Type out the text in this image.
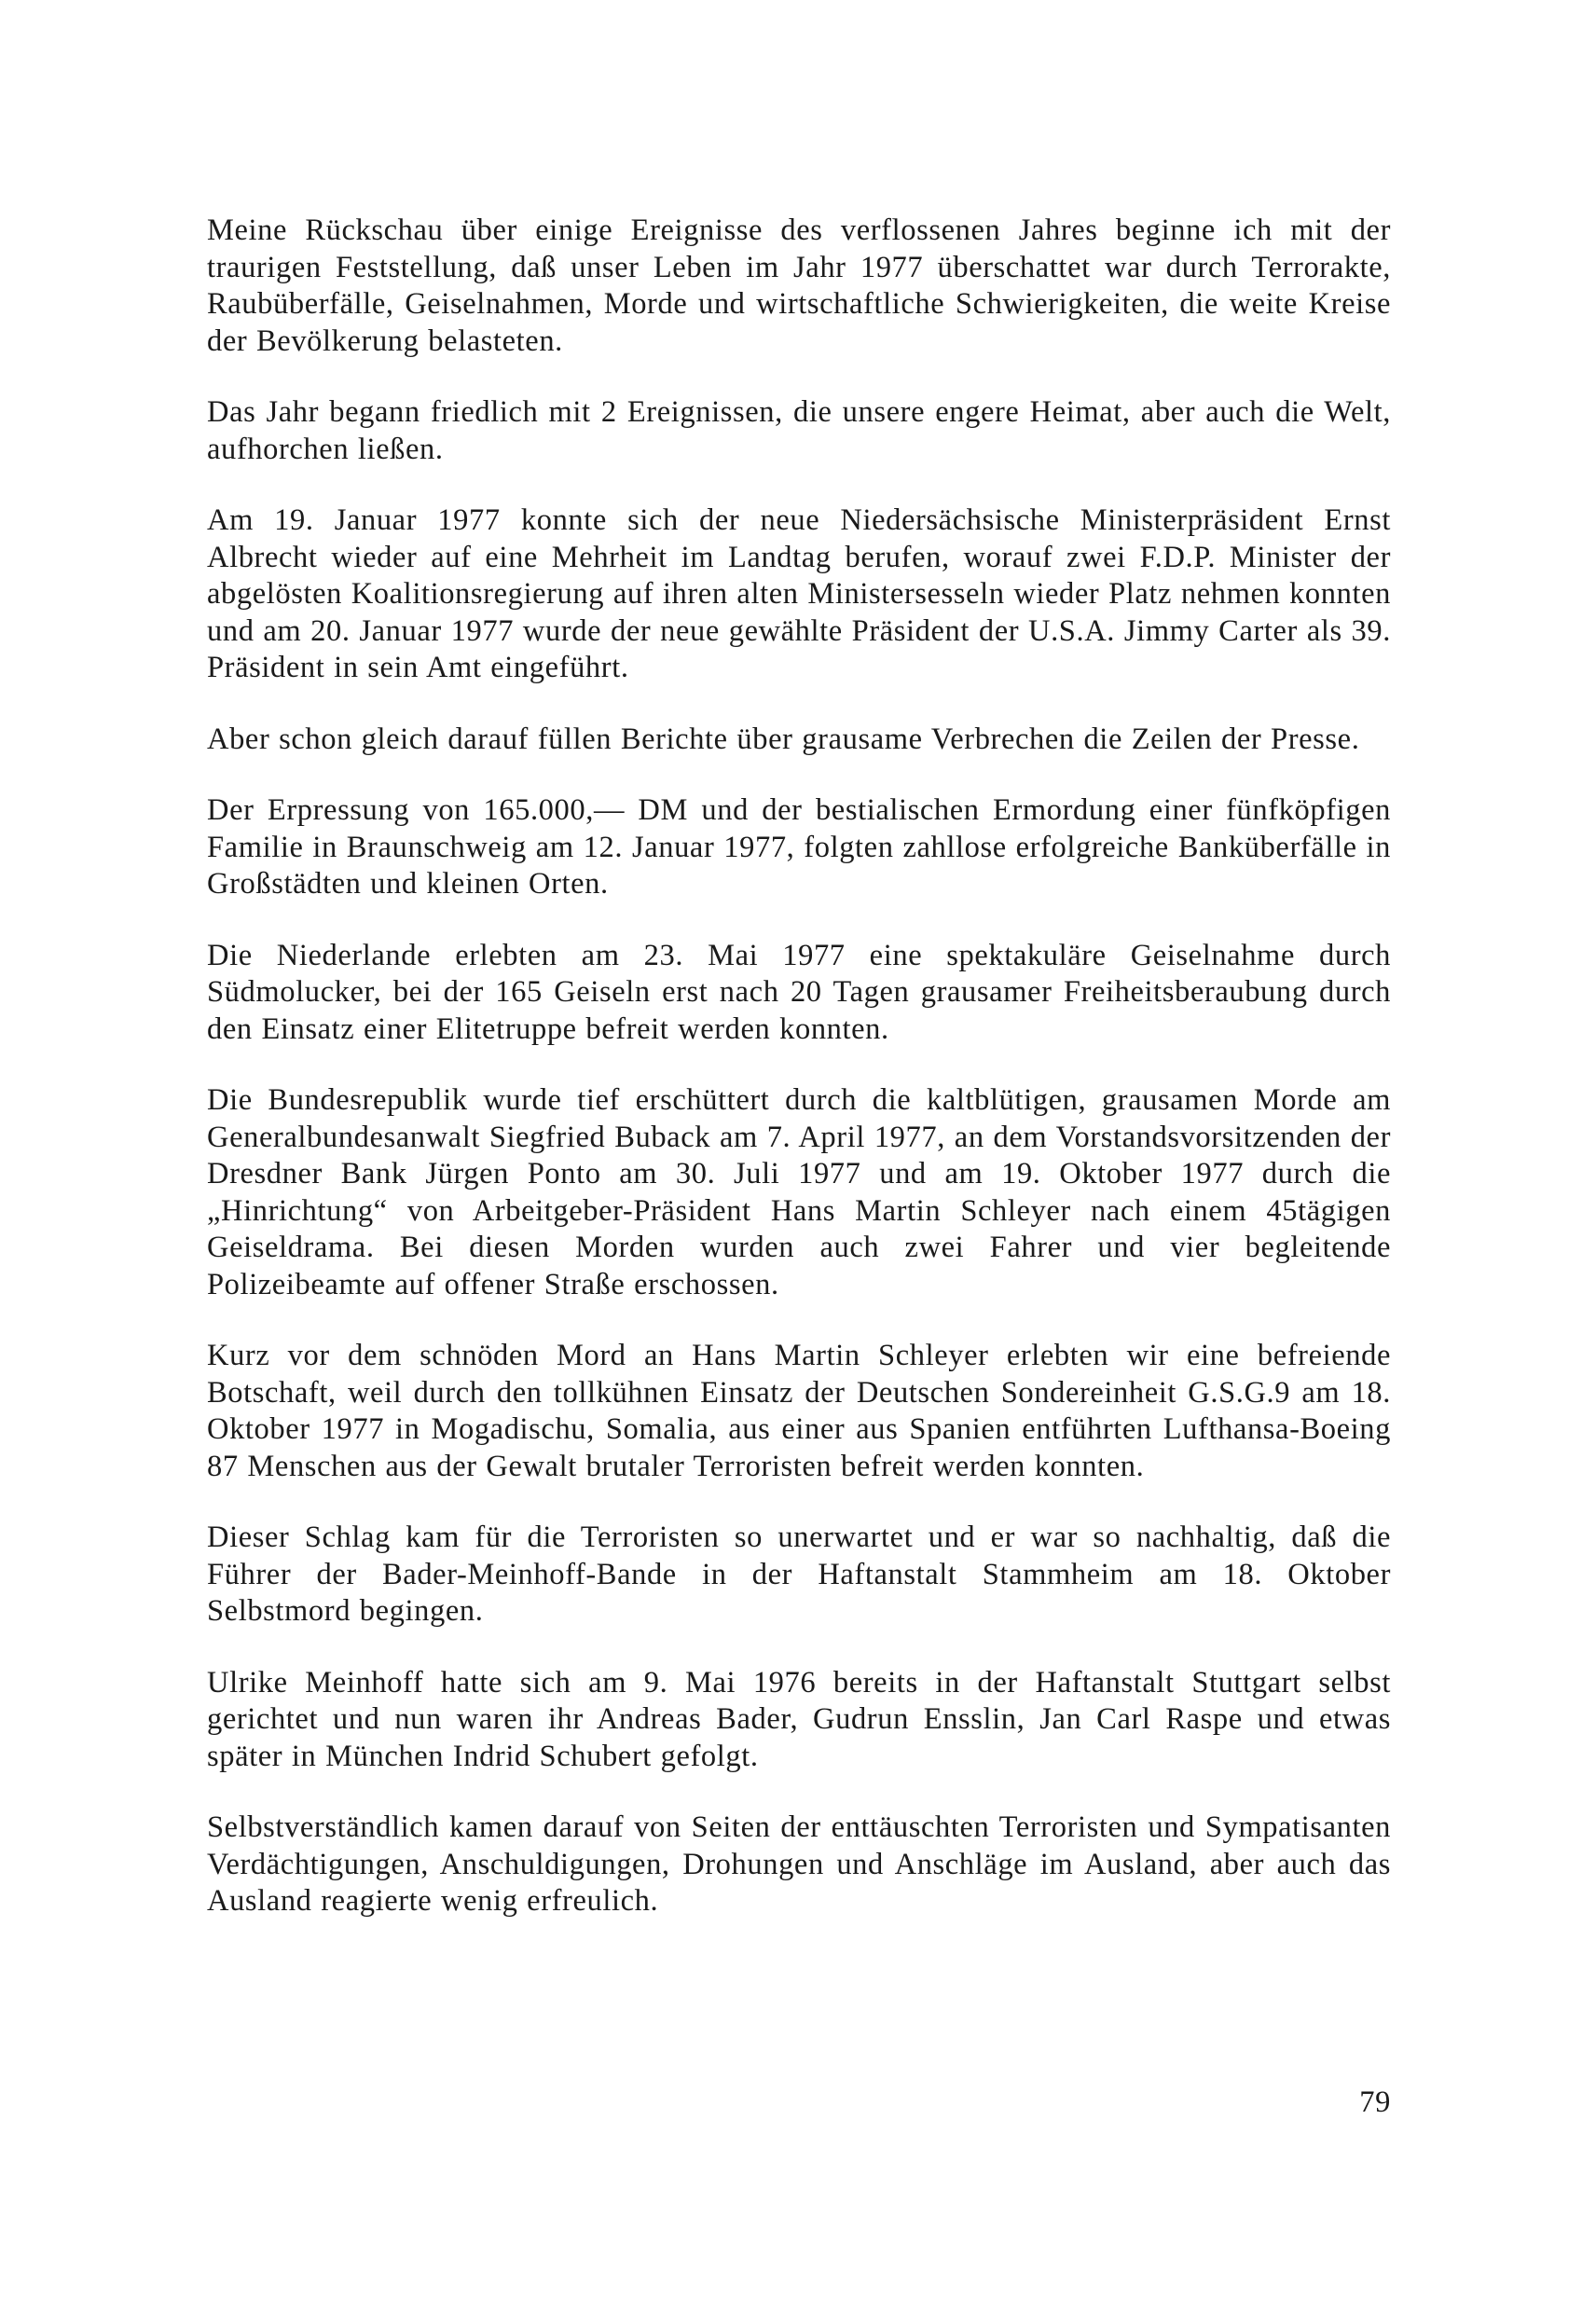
Meine Rückschau über einige Ereignisse des verflossenen Jahres beginne ich mit der traurigen Feststellung, daß unser Leben im Jahr 1977 überschattet war durch Terrorakte, Raubüberfälle, Geiselnahmen, Morde und wirtschaftliche Schwierigkeiten, die weite Kreise der Bevölkerung belasteten.

Das Jahr begann friedlich mit 2 Ereignissen, die unsere engere Heimat, aber auch die Welt, aufhorchen ließen.

Am 19. Januar 1977 konnte sich der neue Niedersächsische Ministerpräsident Ernst Albrecht wieder auf eine Mehrheit im Landtag berufen, worauf zwei F.D.P. Minister der abgelösten Koalitionsregierung auf ihren alten Ministersesseln wieder Platz nehmen konnten und am 20. Januar 1977 wurde der neue gewählte Präsident der U.S.A. Jimmy Carter als 39. Präsident in sein Amt eingeführt.

Aber schon gleich darauf füllen Berichte über grausame Verbrechen die Zeilen der Presse.

Der Erpressung von 165.000,— DM und der bestialischen Ermordung einer fünfköpfigen Familie in Braunschweig am 12. Januar 1977, folgten zahllose erfolgreiche Banküberfälle in Großstädten und kleinen Orten.

Die Niederlande erlebten am 23. Mai 1977 eine spektakuläre Geiselnahme durch Südmolucker, bei der 165 Geiseln erst nach 20 Tagen grausamer Freiheitsberaubung durch den Einsatz einer Elitetruppe befreit werden konnten.

Die Bundesrepublik wurde tief erschüttert durch die kaltblütigen, grausamen Morde am Generalbundesanwalt Siegfried Buback am 7. April 1977, an dem Vorstandsvorsitzenden der Dresdner Bank Jürgen Ponto am 30. Juli 1977 und am 19. Oktober 1977 durch die „Hinrichtung“ von Arbeitgeber-Präsident Hans Martin Schleyer nach einem 45tägigen Geiseldrama. Bei diesen Morden wurden auch zwei Fahrer und vier begleitende Polizeibeamte auf offener Straße erschossen.

Kurz vor dem schnöden Mord an Hans Martin Schleyer erlebten wir eine befreiende Botschaft, weil durch den tollkühnen Einsatz der Deutschen Sondereinheit G.S.G.9 am 18. Oktober 1977 in Mogadischu, Somalia, aus einer aus Spanien entführten Lufthansa-Boeing 87 Menschen aus der Gewalt brutaler Terroristen befreit werden konnten.

Dieser Schlag kam für die Terroristen so unerwartet und er war so nachhaltig, daß die Führer der Bader-Meinhoff-Bande in der Haftanstalt Stammheim am 18. Oktober Selbstmord begingen.

Ulrike Meinhoff hatte sich am 9. Mai 1976 bereits in der Haftanstalt Stuttgart selbst gerichtet und nun waren ihr Andreas Bader, Gudrun Ensslin, Jan Carl Raspe und etwas später in München Indrid Schubert gefolgt.

Selbstverständlich kamen darauf von Seiten der enttäuschten Terroristen und Sympatisanten Verdächtigungen, Anschuldigungen, Drohungen und Anschläge im Ausland, aber auch das Ausland reagierte wenig erfreulich.

79
